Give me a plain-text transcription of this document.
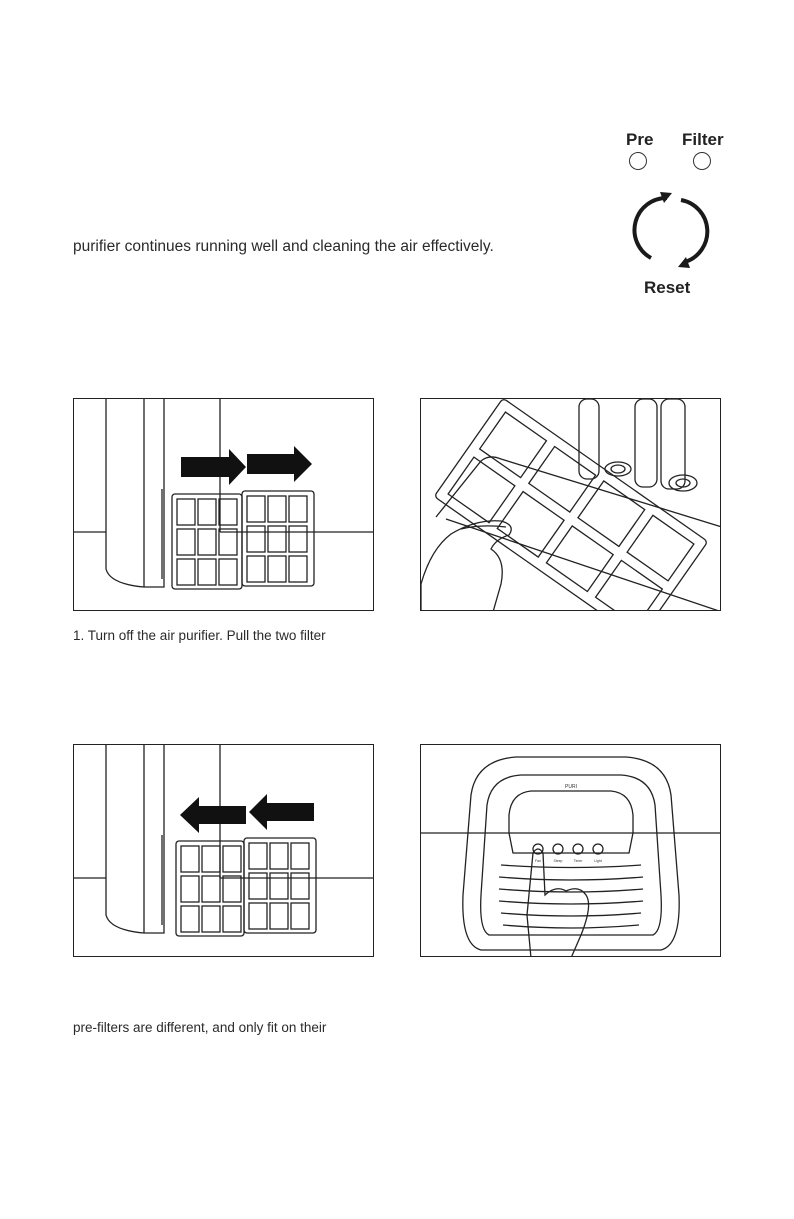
purifier continues running well and cleaning the air effectively.
Pre Filter
Reset
1. Turn off the air purifier. Pull the two filter
PURI
Fan	Sleep	Timer	Light
pre-filters are different, and only fit on their
